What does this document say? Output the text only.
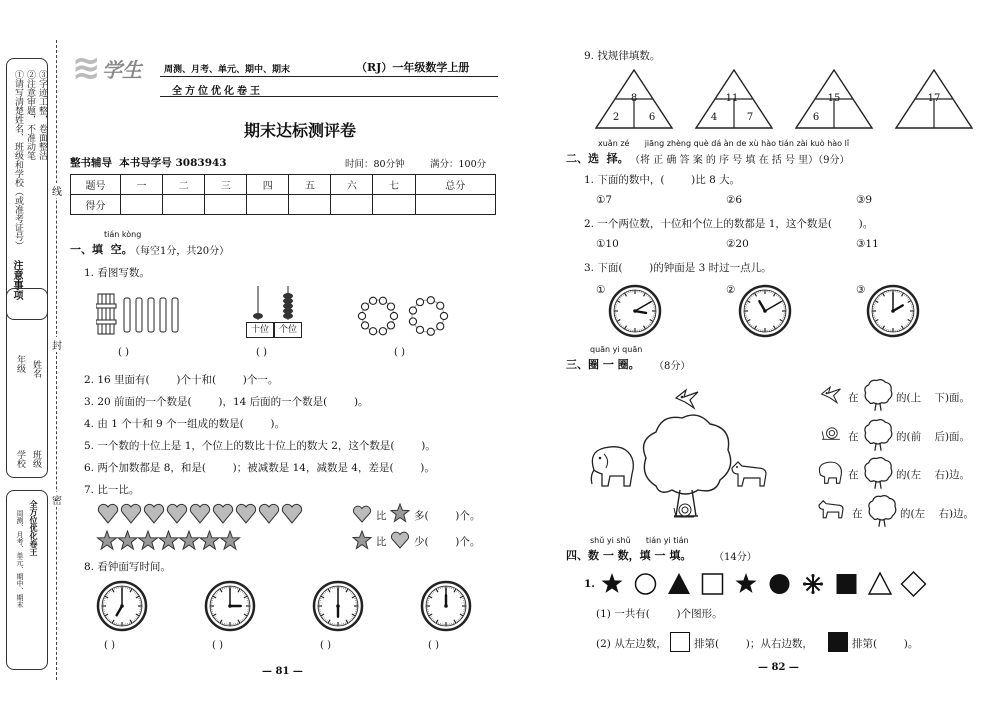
注意事项
①请写清楚姓名、班级和学校（或准考证号） ②注意审题，不准动笔 ③字迹工整，卷面整洁
学校 班级
年级 姓名
周测、月考、单元、期中、期末 全方位优化卷王
线
封
密
≋ 学生 周测、月考、单元、期中、期末
全方位优化卷王
（RJ）一年级数学上册
期末达标测评卷
整书辅导  本书导学号 3083943	时间：80分钟	满分：100分
题号	一	二	三	四	五	六	七	总分
得分								
tián kòng
一、填  空。
（每空1分，共20分）
1. 看图写数。
十位	个位
( )	( )	( )
2. 16 里面有(        )个十和(        )个一。
3. 20 前面的一个数是(        )，14 后面的一个数是(        )。
4. 由 1 个十和 9 个一组成的数是(        )。
5. 一个数的十位上是 1，个位上的数比十位上的数大 2，这个数是(        )。
6. 两个加数都是 8，和是(        )；被减数是 14，减数是 4，差是(        )。
7. 比一比。
比	多(        )个。
比	少(        )个。
8. 看钟面写时间。
( )	( )	( )	( )
— 81 —
9. 找规律填数。
8
2	6
11
4	7
15
6
17
xuǎn zé      jiāng zhèng què dá àn de xù hào tián zài kuò hào lǐ
二、选  择。 （将 正 确 答 案 的 序 号 填 在 括 号 里）（9分）
1. 下面的数中，(        )比 8 大。
①7	②6	③9
2. 一个两位数，十位和个位上的数都是 1，这个数是(        )。
①10	②20	③11
3. 下面(        )的钟面是 3 时过一点儿。
①	②	③
quān yi quān
三、圈 一 圈。 （8分）
在	的(上    下)面。
在	的(前    后)面。
在	的(左    右)边。
在	的(左    右)边。
shǔ yi shǔ      tián yi tián
四、数 一 数，填 一 填。 （14分）
1.
(1) 一共有(        )个图形。
(2) 从左边数，	排第(        )；从右边数，	排第(        )。
— 82 —
